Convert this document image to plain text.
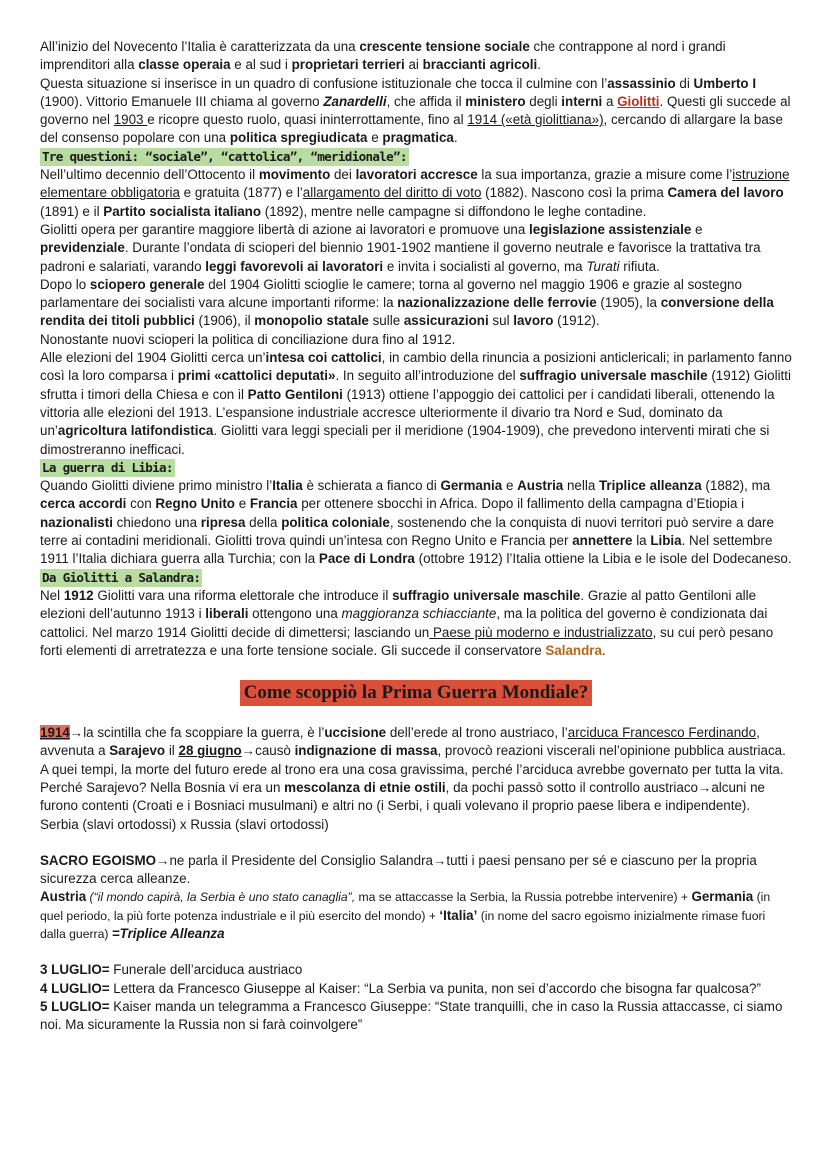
All’inizio del Novecento l’Italia è caratterizzata da una crescente tensione sociale che contrappone al nord i grandi imprenditori alla classe operaia e al sud i proprietari terrieri ai braccianti agricoli.

Questa situazione si inserisce in un quadro di confusione istituzionale che tocca il culmine con l’assassinio di Umberto I (1900). Vittorio Emanuele III chiama al governo Zanardelli, che affida il ministero degli interni a Giolitti. Questi gli succede al governo nel 1903 e ricopre questo ruolo, quasi ininterrottamente, fino al 1914 («età giolittiana»), cercando di allargare la base del consenso popolare con una politica spregiudicata e pragmatica.

Tre questioni: “sociale”, “cattolica”, “meridionale”:

Nell’ultimo decennio dell’Ottocento il movimento dei lavoratori accresce la sua importanza, grazie a misure come l’istruzione elementare obbligatoria e gratuita (1877) e l’allargamento del diritto di voto (1882). Nascono così la prima Camera del lavoro (1891) e il Partito socialista italiano (1892), mentre nelle campagne si diffondono le leghe contadine.

Giolitti opera per garantire maggiore libertà di azione ai lavoratori e promuove una legislazione assistenziale e previdenziale. Durante l’ondata di scioperi del biennio 1901-1902 mantiene il governo neutrale e favorisce la trattativa tra padroni e salariati, varando leggi favorevoli ai lavoratori e invita i socialisti al governo, ma Turati rifiuta.

Dopo lo sciopero generale del 1904 Giolitti scioglie le camere; torna al governo nel maggio 1906 e grazie al sostegno parlamentare dei socialisti vara alcune importanti riforme: la nazionalizzazione delle ferrovie (1905), la conversione della rendita dei titoli pubblici (1906), il monopolio statale sulle assicurazioni sul lavoro (1912).

Nonostante nuovi scioperi la politica di conciliazione dura fino al 1912.

Alle elezioni del 1904 Giolitti cerca un’intesa coi cattolici, in cambio della rinuncia a posizioni anticlericali; in parlamento fanno così la loro comparsa i primi «cattolici deputati». In seguito all’introduzione del suffragio universale maschile (1912) Giolitti sfrutta i timori della Chiesa e con il Patto Gentiloni (1913) ottiene l’appoggio dei cattolici per i candidati liberali, ottenendo la vittoria alle elezioni del 1913. L’espansione industriale accresce ulteriormente il divario tra Nord e Sud, dominato da un’agricoltura latifondistica. Giolitti vara leggi speciali per il meridione (1904-1909), che prevedono interventi mirati che si dimostreranno inefficaci.

La guerra di Libia:

Quando Giolitti diviene primo ministro l’Italia è schierata a fianco di Germania e Austria nella Triplice alleanza (1882), ma cerca accordi con Regno Unito e Francia per ottenere sbocchi in Africa. Dopo il fallimento della campagna d’Etiopia i nazionalisti chiedono una ripresa della politica coloniale, sostenendo che la conquista di nuovi territori può servire a dare terre ai contadini meridionali. Giolitti trova quindi un’intesa con Regno Unito e Francia per annettere la Libia. Nel settembre 1911 l’Italia dichiara guerra alla Turchia; con la Pace di Londra (ottobre 1912) l’Italia ottiene la Libia e le isole del Dodecaneso.

Da Giolitti a Salandra:

Nel 1912 Giolitti vara una riforma elettorale che introduce il suffragio universale maschile. Grazie al patto Gentiloni alle elezioni dell’autunno 1913 i liberali ottengono una maggioranza schiacciante, ma la politica del governo è condizionata dai cattolici. Nel marzo 1914 Giolitti decide di dimettersi; lasciando un Paese più moderno e industrializzato, su cui però pesano forti elementi di arretratezza e una forte tensione sociale. Gli succede il conservatore Salandra.

Come scoppiò la Prima Guerra Mondiale?

1914→la scintilla che fa scoppiare la guerra, è l’uccisione dell’erede al trono austriaco, l’arciduca Francesco Ferdinando, avvenuta a Sarajevo il 28 giugno→causò indignazione di massa, provocò reazioni viscerali nel’opinione pubblica austriaca. A quei tempi, la morte del futuro erede al trono era una cosa gravissima, perché l’arciduca avrebbe governato per tutta la vita.

Perché Sarajevo? Nella Bosnia vi era un mescolanza di etnie ostili, da pochi passò sotto il controllo austriaco→alcuni ne furono contenti (Croati e i Bosniaci musulmani) e altri no (i Serbi, i quali volevano il proprio paese libera e indipendente).

Serbia (slavi ortodossi) x Russia (slavi ortodossi)

SACRO EGOISMO→ne parla il Presidente del Consiglio Salandra→tutti i paesi pensano per sé e ciascuno per la propria sicurezza cerca alleanze.

Austria (“il mondo capirà, la Serbia è uno stato canaglia”, ma se attaccasse la Serbia, la Russia potrebbe intervenire) + Germania (in quel periodo, la più forte potenza industriale e il più esercito del mondo) + ‘Italia’ (in nome del sacro egoismo inizialmente rimase fuori dalla guerra) =Triplice Alleanza

3 LUGLIO= Funerale dell’arciduca austriaco

4 LUGLIO= Lettera da Francesco Giuseppe al Kaiser: “La Serbia va punita, non sei d’accordo che bisogna far qualcosa?”

5 LUGLIO= Kaiser manda un telegramma a Francesco Giuseppe: “State tranquilli, che in caso la Russia attaccasse, ci siamo noi. Ma sicuramente la Russia non si farà coinvolgere”
